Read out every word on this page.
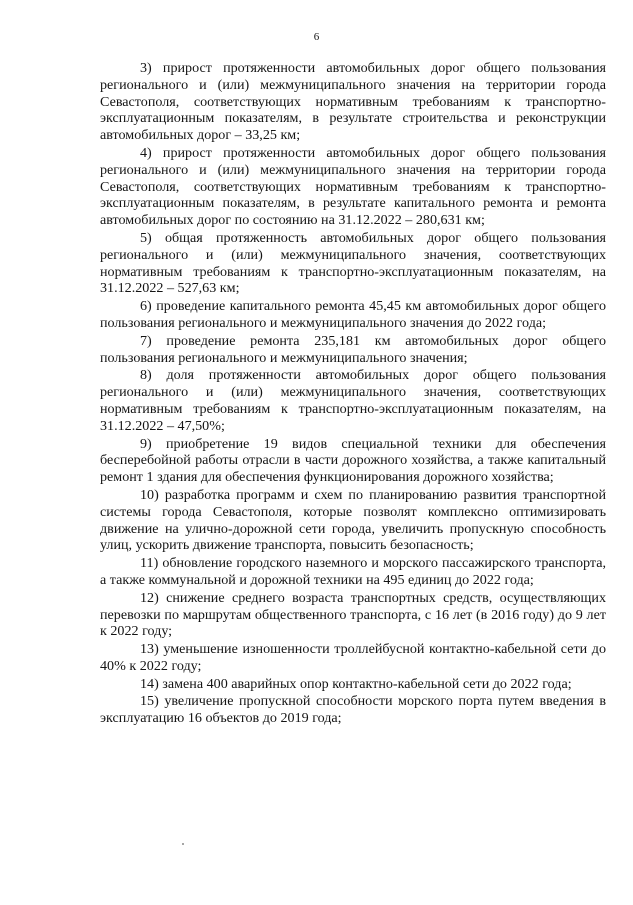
6

3) прирост протяженности автомобильных дорог общего пользования регионального и (или) межмуниципального значения на территории города Севастополя, соответствующих нормативным требованиям к транспортно-эксплуатационным показателям, в результате строительства и реконструкции автомобильных дорог – 33,25 км;

4) прирост протяженности автомобильных дорог общего пользования регионального и (или) межмуниципального значения на территории города Севастополя, соответствующих нормативным требованиям к транспортно-эксплуатационным показателям, в результате капитального ремонта и ремонта автомобильных дорог по состоянию на 31.12.2022 – 280,631 км;

5) общая протяженность автомобильных дорог общего пользования регионального и (или) межмуниципального значения, соответствующих нормативным требованиям к транспортно-эксплуатационным показателям, на 31.12.2022 – 527,63 км;

6) проведение капитального ремонта 45,45 км автомобильных дорог общего пользования регионального и межмуниципального значения до 2022 года;

7) проведение ремонта 235,181 км автомобильных дорог общего пользования регионального и межмуниципального значения;

8) доля протяженности автомобильных дорог общего пользования регионального и (или) межмуниципального значения, соответствующих нормативным требованиям к транспортно-эксплуатационным показателям, на 31.12.2022 – 47,50%;

9) приобретение 19 видов специальной техники для обеспечения бесперебойной работы отрасли в части дорожного хозяйства, а также капитальный ремонт 1 здания для обеспечения функционирования дорожного хозяйства;

10) разработка программ и схем по планированию развития транспортной системы города Севастополя, которые позволят комплексно оптимизировать движение на улично-дорожной сети города, увеличить пропускную способность улиц, ускорить движение транспорта, повысить безопасность;

11) обновление городского наземного и морского пассажирского транспорта, а также коммунальной и дорожной техники на 495 единиц до 2022 года;

12) снижение среднего возраста транспортных средств, осуществляющих перевозки по маршрутам общественного транспорта, с 16 лет (в 2016 году) до 9 лет к 2022 году;

13) уменьшение изношенности троллейбусной контактно-кабельной сети до 40% к 2022 году;

14) замена 400 аварийных опор контактно-кабельной сети до 2022 года;

15) увеличение пропускной способности морского порта путем введения в эксплуатацию 16 объектов до 2019 года;
